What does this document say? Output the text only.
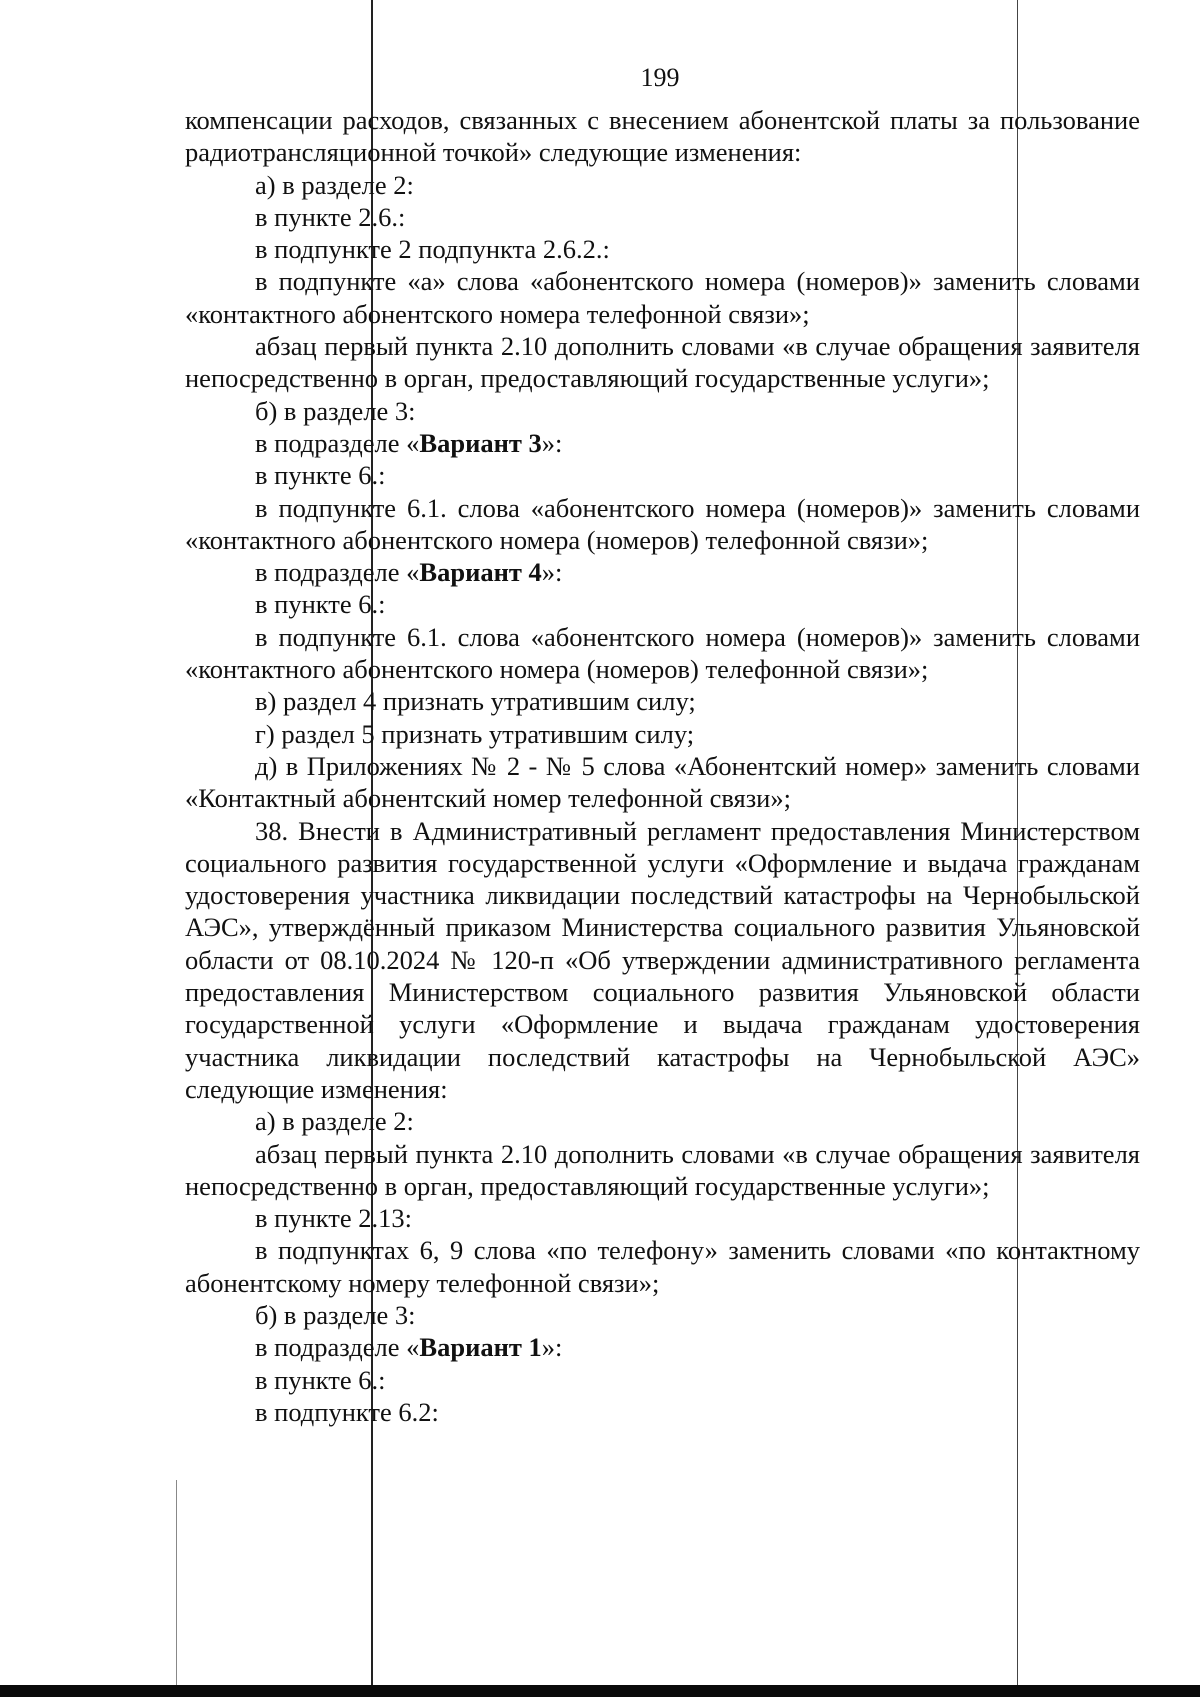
199

компенсации расходов, связанных с внесением абонентской платы за пользование радиотрансляционной точкой» следующие изменения:

а) в разделе 2:

в пункте 2.6.:

в подпункте 2 подпункта 2.6.2.:

в подпункте «а» слова «абонентского номера (номеров)» заменить словами «контактного абонентского номера телефонной связи»;

абзац первый пункта 2.10 дополнить словами «в случае обращения заявителя непосредственно в орган, предоставляющий государственные услуги»;

б) в разделе 3:

в подразделе «Вариант 3»:

в пункте 6.:

в подпункте 6.1. слова «абонентского номера (номеров)» заменить словами «контактного абонентского номера (номеров) телефонной связи»;

в подразделе «Вариант 4»:

в пункте 6.:

в подпункте 6.1. слова «абонентского номера (номеров)» заменить словами «контактного абонентского номера (номеров) телефонной связи»;

в) раздел 4 признать утратившим силу;

г) раздел 5 признать утратившим силу;

д) в Приложениях № 2 - № 5 слова «Абонентский номер» заменить словами «Контактный абонентский номер телефонной связи»;

38. Внести в Административный регламент предоставления Министерством социального развития государственной услуги «Оформление и выдача гражданам удостоверения участника ликвидации последствий катастрофы на Чернобыльской АЭС», утверждённый приказом Министерства социального развития Ульяновской области от 08.10.2024 № 120-п «Об утверждении административного регламента предоставления Министерством социального развития Ульяновской области государственной услуги «Оформление и выдача гражданам удостоверения участника ликвидации последствий катастрофы на Чернобыльской АЭС» следующие изменения:

а) в разделе 2:

абзац первый пункта 2.10 дополнить словами «в случае обращения заявителя непосредственно в орган, предоставляющий государственные услуги»;

в пункте 2.13:

в подпунктах 6, 9 слова «по телефону» заменить словами «по контактному абонентскому номеру телефонной связи»;

б) в разделе 3:

в подразделе «Вариант 1»:

в пункте 6.:

в подпункте 6.2:
